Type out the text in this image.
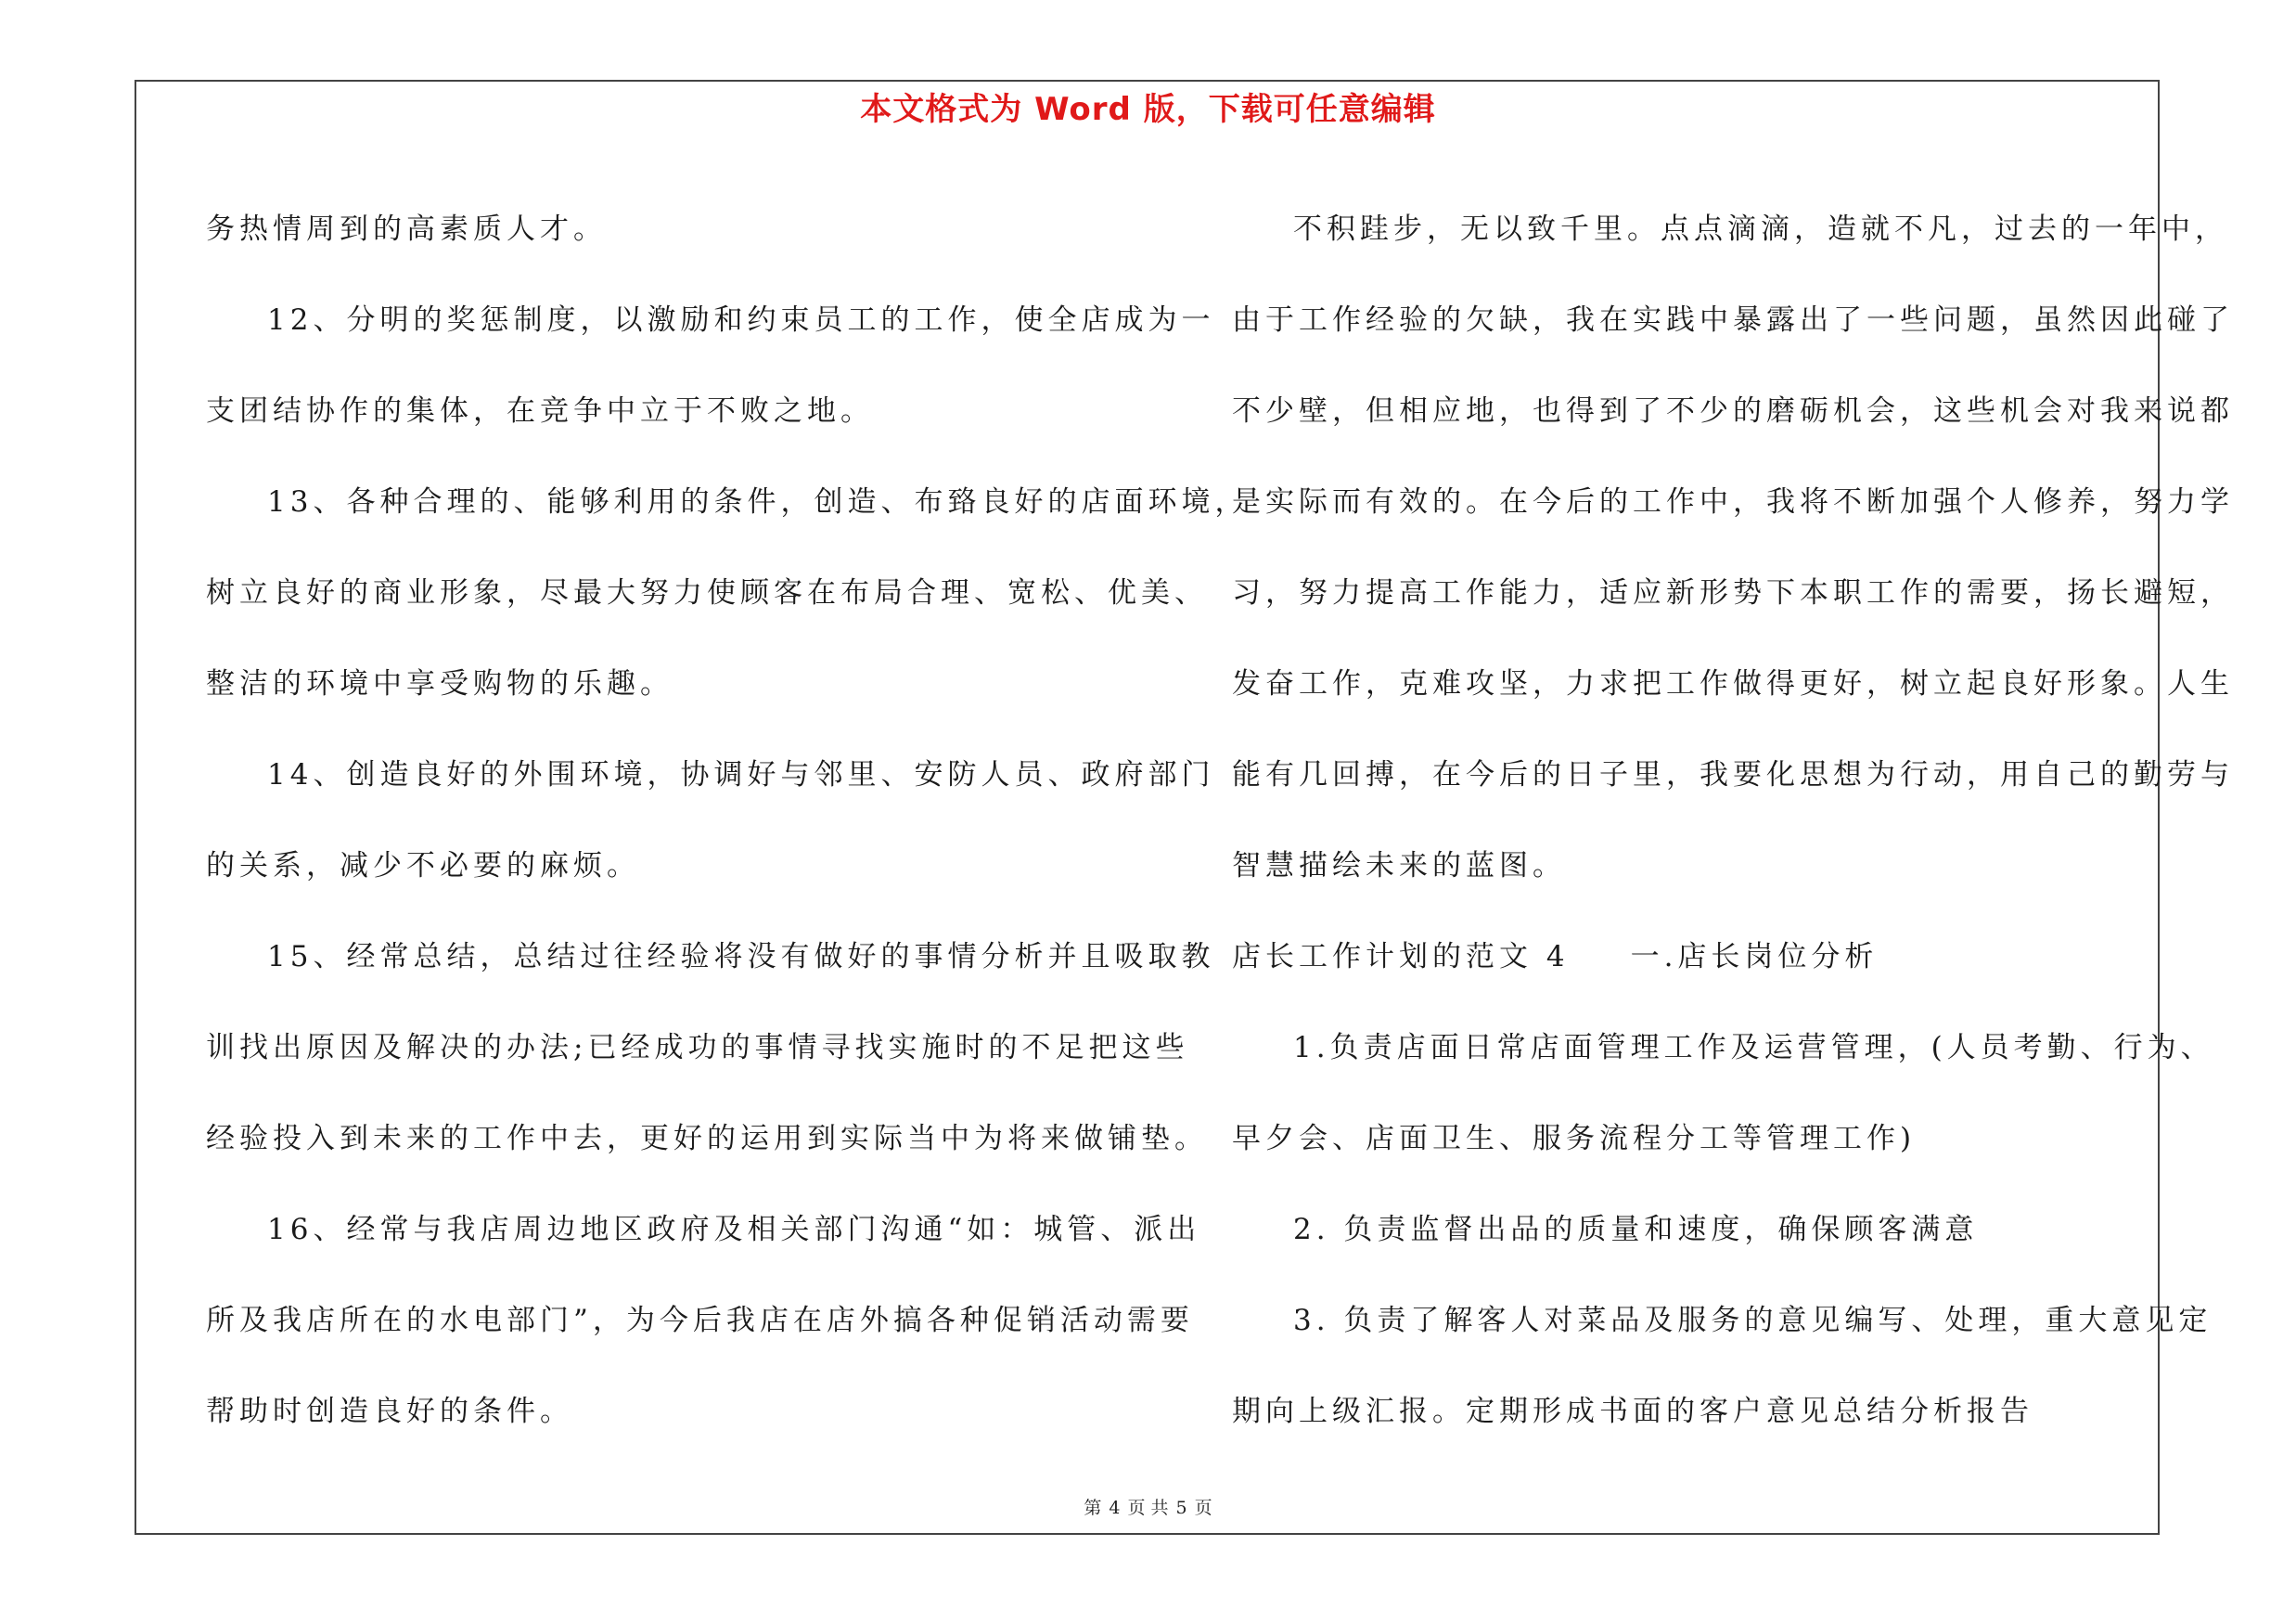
本文格式为 Word 版，下载可任意编辑
务热情周到的高素质人才。
12、分明的奖惩制度，以激励和约束员工的工作，使全店成为一
支团结协作的集体，在竞争中立于不败之地。
13、各种合理的、能够利用的条件，创造、布臵良好的店面环境，
树立良好的商业形象，尽最大努力使顾客在布局合理、宽松、优美、
整洁的环境中享受购物的乐趣。
14、创造良好的外围环境，协调好与邻里、安防人员、政府部门
的关系，减少不必要的麻烦。
15、经常总结，总结过往经验将没有做好的事情分析并且吸取教
训找出原因及解决的办法;已经成功的事情寻找实施时的不足把这些
经验投入到未来的工作中去，更好的运用到实际当中为将来做铺垫。
16、经常与我店周边地区政府及相关部门沟通“如：城管、派出
所及我店所在的水电部门”，为今后我店在店外搞各种促销活动需要
帮助时创造良好的条件。
不积跬步，无以致千里。点点滴滴，造就不凡，过去的一年中，
由于工作经验的欠缺，我在实践中暴露出了一些问题，虽然因此碰了
不少壁，但相应地，也得到了不少的磨砺机会，这些机会对我来说都
是实际而有效的。在今后的工作中，我将不断加强个人修养，努力学
习，努力提高工作能力，适应新形势下本职工作的需要，扬长避短，
发奋工作，克难攻坚，力求把工作做得更好，树立起良好形象。人生
能有几回搏，在今后的日子里，我要化思想为行动，用自己的勤劳与
智慧描绘未来的蓝图。
店长工作计划的范文 4 一.店长岗位分析
1.负责店面日常店面管理工作及运营管理，(人员考勤、行为、
早夕会、店面卫生、服务流程分工等管理工作)
2. 负责监督出品的质量和速度，确保顾客满意
3. 负责了解客人对菜品及服务的意见编写、处理，重大意见定
期向上级汇报。定期形成书面的客户意见总结分析报告
第 4 页 共 5 页
